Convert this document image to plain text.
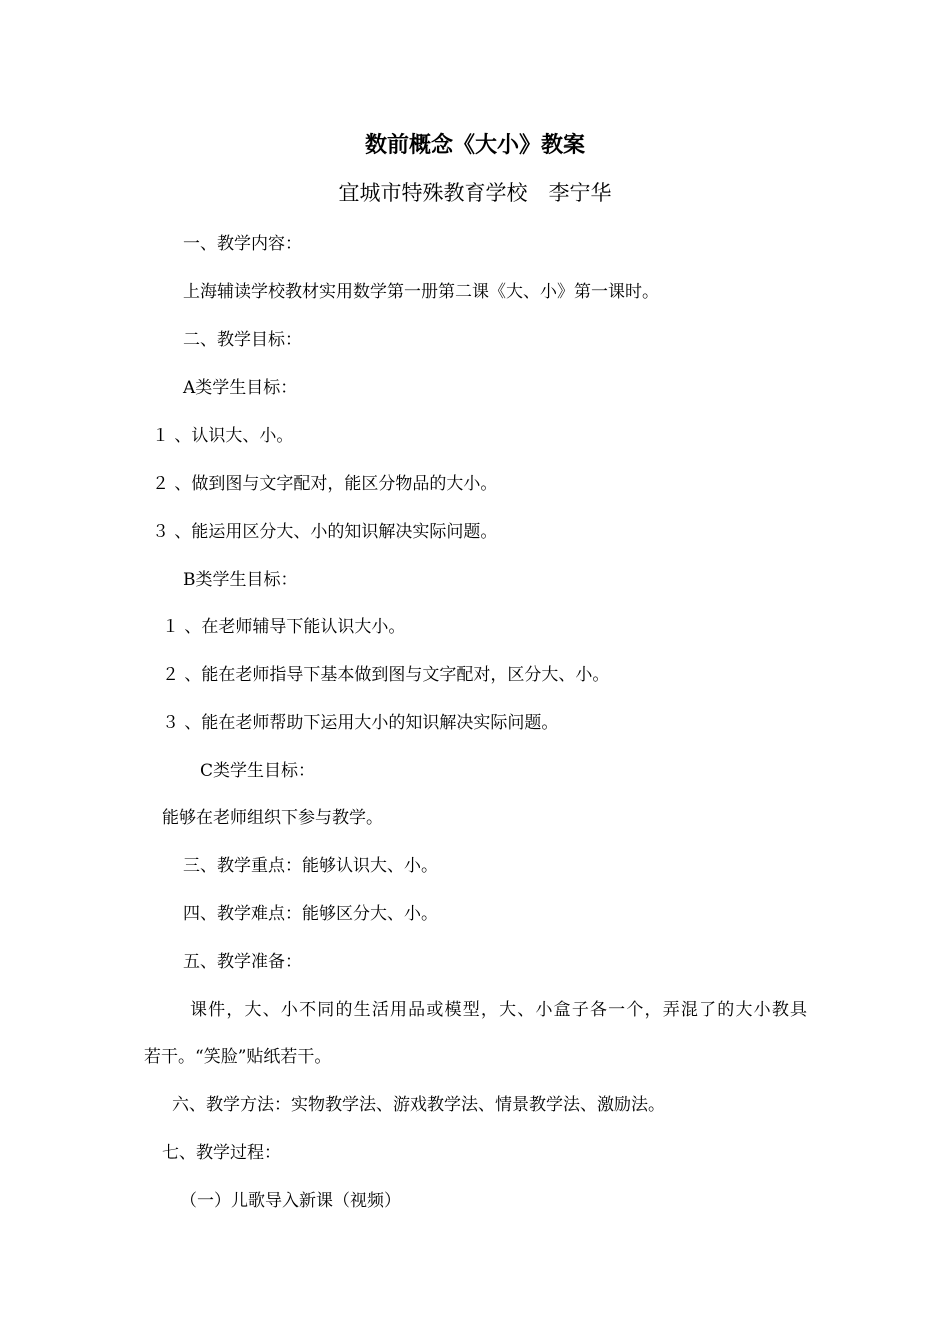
数前概念《大小》教案
宜城市特殊教育学校　李宁华
一、教学内容：
上海辅读学校教材实用数学第一册第二课《大、小》第一课时。
二、教学目标：
A类学生目标：
１ 、认识大、小。
２ 、做到图与文字配对，能区分物品的大小。
３ 、能运用区分大、小的知识解决实际问题。
B类学生目标：
１ 、在老师辅导下能认识大小。
２ 、能在老师指导下基本做到图与文字配对，区分大、小。
３ 、能在老师帮助下运用大小的知识解决实际问题。
C类学生目标：
能够在老师组织下参与教学。
三、教学重点：能够认识大、小。
四、教学难点：能够区分大、小。
五、教学准备：
课件，大、小不同的生活用品或模型，大、小盒子各一个，弄混了的大小教具
若干。“笑脸”贴纸若干。
六、教学方法：实物教学法、游戏教学法、情景教学法、激励法。
七、教学过程：
（一）儿歌导入新课（视频）
